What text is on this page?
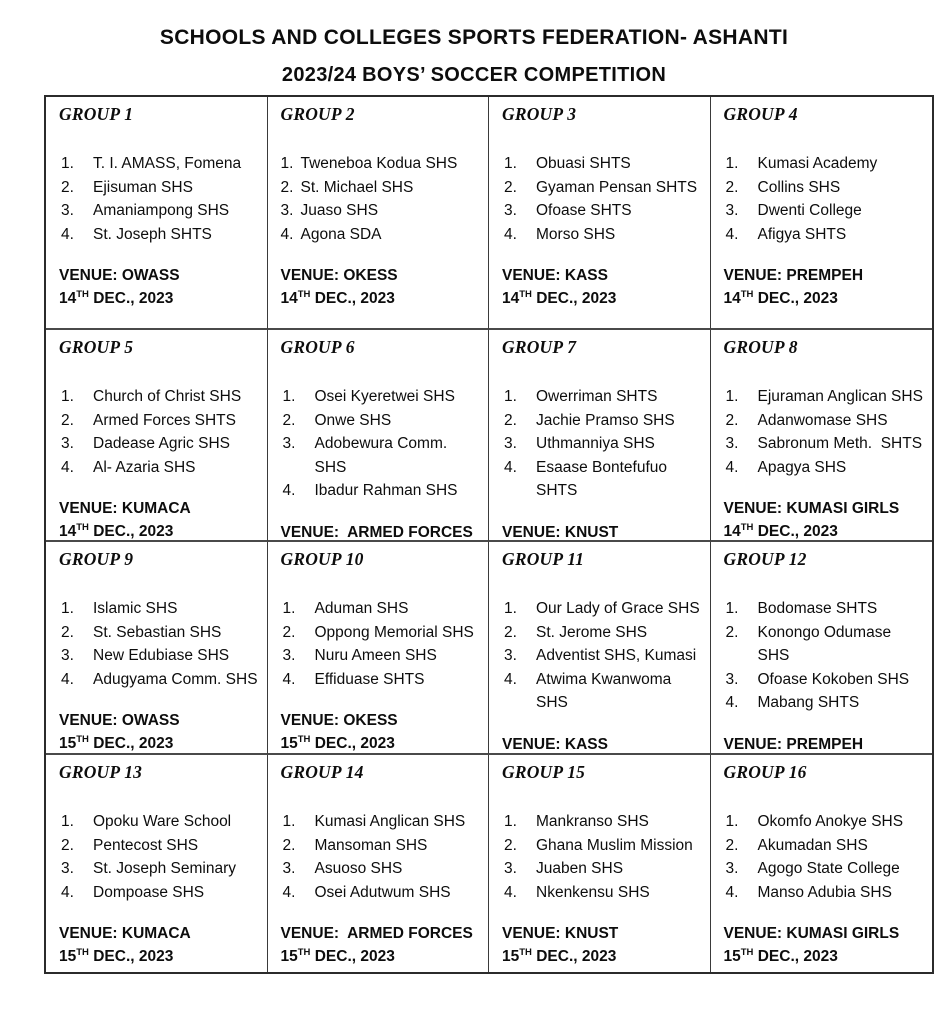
SCHOOLS AND COLLEGES SPORTS FEDERATION- ASHANTI
2023/24 BOYS’ SOCCER COMPETITION
GROUP 1
1.	T. I. AMASS, Fomena
2.	Ejisuman SHS
3.	Amaniampong SHS
4.	St. Joseph SHTS
VENUE: OWASS
14TH DEC., 2023
GROUP 2
1. Tweneboa Kodua SHS
2. St. Michael SHS
3. Juaso SHS
4. Agona SDA
VENUE: OKESS
14TH DEC., 2023
GROUP 3
1.	Obuasi SHTS
2.	Gyaman Pensan SHTS
3.	Ofoase SHTS
4.	Morso SHS
VENUE: KASS
14TH DEC., 2023
GROUP 4
1.	Kumasi Academy
2.	Collins SHS
3.	Dwenti College
4.	Afigya SHTS
VENUE: PREMPEH
14TH DEC., 2023
GROUP 5
1.	Church of Christ SHS
2.	Armed Forces SHTS
3.	Dadease Agric SHS
4.	Al- Azaria SHS
VENUE: KUMACA
14TH DEC., 2023
GROUP 6
1.	Osei Kyeretwei SHS
2.	Onwe SHS
3.	Adobewura Comm. SHS
4.	Ibadur Rahman SHS
VENUE:  ARMED FORCES
GROUP 7
1.	Owerriman SHTS
2.	Jachie Pramso SHS
3.	Uthmanniya SHS
4.	Esaase Bontefufuo SHTS
VENUE: KNUST
GROUP 8
1.	Ejuraman Anglican SHS
2.	Adanwomase SHS
3.	Sabronum Meth.  SHTS
4.	Apagya SHS
VENUE: KUMASI GIRLS
14TH DEC., 2023
GROUP 9
1.	Islamic SHS
2.	St. Sebastian SHS
3.	New Edubiase SHS
4.	Adugyama Comm. SHS
VENUE: OWASS
15TH DEC., 2023
GROUP 10
1.	Aduman SHS
2.	Oppong Memorial SHS
3.	Nuru Ameen SHS
4.	Effiduase SHTS
VENUE: OKESS
15TH DEC., 2023
GROUP 11
1.	Our Lady of Grace SHS
2.	St. Jerome SHS
3.	Adventist SHS, Kumasi
4.	Atwima Kwanwoma SHS
VENUE: KASS
GROUP 12
1.	Bodomase SHTS
2.	Konongo Odumase SHS
3.	Ofoase Kokoben SHS
4.	Mabang SHTS
VENUE: PREMPEH
GROUP 13
1.	Opoku Ware School
2.	Pentecost SHS
3.	St. Joseph Seminary
4.	Dompoase SHS
VENUE: KUMACA
15TH DEC., 2023
GROUP 14
1.	Kumasi Anglican SHS
2.	Mansoman SHS
3.	Asuoso SHS
4.	Osei Adutwum SHS
VENUE:  ARMED FORCES
15TH DEC., 2023
GROUP 15
1.	Mankranso SHS
2.	Ghana Muslim Mission
3.	Juaben SHS
4.	Nkenkensu SHS
VENUE: KNUST
15TH DEC., 2023
GROUP 16
1.	Okomfo Anokye SHS
2.	Akumadan SHS
3.	Agogo State College
4.	Manso Adubia SHS
VENUE: KUMASI GIRLS
15TH DEC., 2023
